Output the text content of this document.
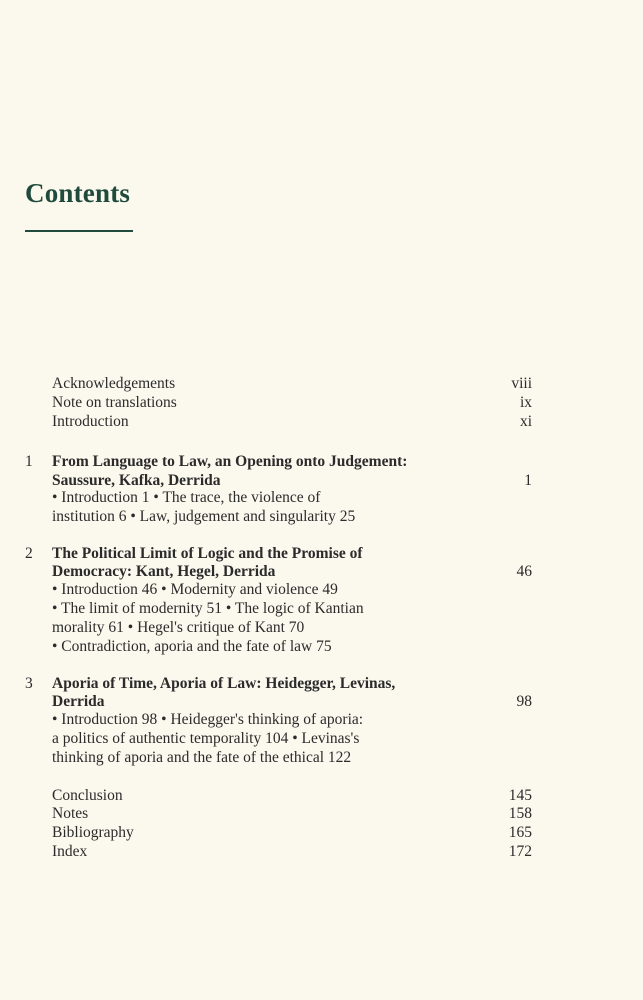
Contents
Acknowledgements	viii
Note on translations	ix
Introduction	xi
1 From Language to Law, an Opening onto Judgement:
Saussure, Kafka, Derrida	1
• Introduction 1 • The trace, the violence of
institution 6 • Law, judgement and singularity 25
2 The Political Limit of Logic and the Promise of
Democracy: Kant, Hegel, Derrida	46
• Introduction 46 • Modernity and violence 49
• The limit of modernity 51 • The logic of Kantian
morality 61 • Hegel's critique of Kant 70
• Contradiction, aporia and the fate of law 75
3 Aporia of Time, Aporia of Law: Heidegger, Levinas,
Derrida	98
• Introduction 98 • Heidegger's thinking of aporia:
a politics of authentic temporality 104 • Levinas's
thinking of aporia and the fate of the ethical 122
Conclusion	145
Notes	158
Bibliography	165
Index	172
